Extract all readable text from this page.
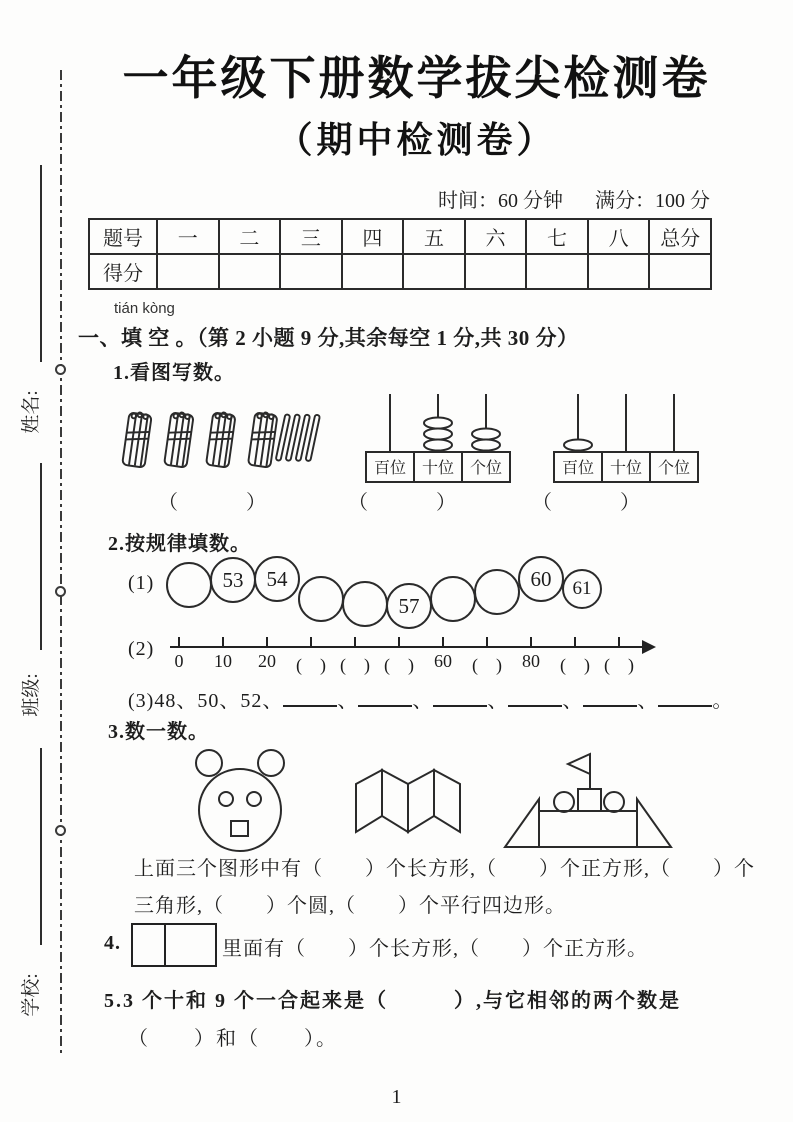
姓名:
班级:
学校:
一年级下册数学拔尖检测卷
（期中检测卷）
时间：60 分钟 满分：100 分
题号	一	二	三	四	五	六	七	八	总分
得分									
tián kòng
一、填 空 。（第 2 小题 9 分,其余每空 1 分,共 30 分）
1.看图写数。
百位 十位 个位	百位 十位 个位
（　　　）	（　　　）	（　　　）
2.按规律填数。
(1)	53	54
57
60	61
(2)
0 10 20 (　) (　) (　) 60 (　) 80 (　) (　)
(3)48、50、52、	、	、	、	、	、	。
3.数一数。
上面三个图形中有（　　）个长方形,（　　）个正方形,（　　）个
三角形,（　　）个圆,（　　）个平行四边形。
4.	里面有（　　）个长方形,（　　）个正方形。
5.3 个十和 9 个一合起来是（　　　）,与它相邻的两个数是
（　　）和（　　）。
1
